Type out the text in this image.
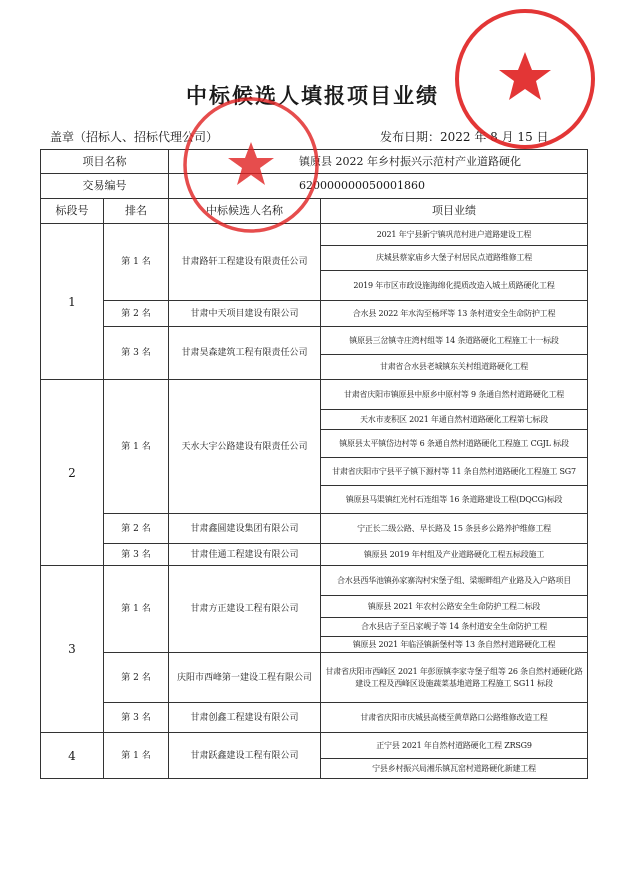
中标候选人填报项目业绩
盖章（招标人、招标代理公司）	发布日期：2022 年 8 月 15 日
项目名称		镇原县 2022 年乡村振兴示范村产业道路硬化	
交易编号		620000000050001860	
标段号	排名	中标候选人名称	项目业绩
1	第 1 名	甘肃路轩工程建设有限责任公司	2021 年宁县新宁镇巩范村进户道路建设工程
			庆城县蔡家庙乡大堡子村居民点道路维修工程
			2019 年市区市政设施海绵化提质改造入城土质路硬化工程
	第 2 名	甘肃中天项目建设有限公司	合水县 2022 年水沟至杨坪等 13 条村道安全生命防护工程
	第 3 名	甘肃昊森建筑工程有限责任公司	镇原县三岔镇寺庄湾村组等 14 条道路硬化工程施工十一标段
			甘肃省合水县老城镇东关村组道路硬化工程
2	第 1 名	天水大宇公路建设有限责任公司	甘肃省庆阳市镇原县中原乡中原村等 9 条通自然村道路硬化工程
			天水市麦积区 2021 年通自然村道路硬化工程第七标段
			镇原县太平镇岱边村等 6 条通自然村道路硬化工程施工 CGJL 标段
			甘肃省庆阳市宁县平子镇下源村等 11 条自然村道路硬化工程施工 SG7
			镇原县马渠镇红光村石连组等 16 条道路建设工程(DQCG)标段
	第 2 名	甘肃鑫圆建设集团有限公司	宁正长二级公路、早长路及 15 条县乡公路养护维修工程
	第 3 名	甘肃佳通工程建设有限公司	镇原县 2019 年村组及产业道路硬化工程五标段施工
3	第 1 名	甘肃方正建设工程有限公司	合水县西华池镇孙家寨沟村宋堡子组、梁塬畔组产业路及入户路项目
			镇原县 2021 年农村公路安全生命防护工程二标段
			合水县店子至吕家岘子等 14 条村道安全生命防护工程
			镇原县 2021 年临泾镇新堡村等 13 条自然村道路硬化工程
	第 2 名	庆阳市西峰第一建设工程有限公司	甘肃省庆阳市西峰区 2021 年彭原镇李家寺堡子组等 26 条自然村通硬化路建设工程及西峰区设施蔬菜基地道路工程施工 SG11 标段
	第 3 名	甘肃创鑫工程建设有限公司	甘肃省庆阳市庆城县高楼至黄草路口公路维修改造工程
4	第 1 名	甘肃跃鑫建设工程有限公司	正宁县 2021 年自然村道路硬化工程 ZRSG9
			宁县乡村振兴局湘乐镇瓦窑村道路硬化新建工程
